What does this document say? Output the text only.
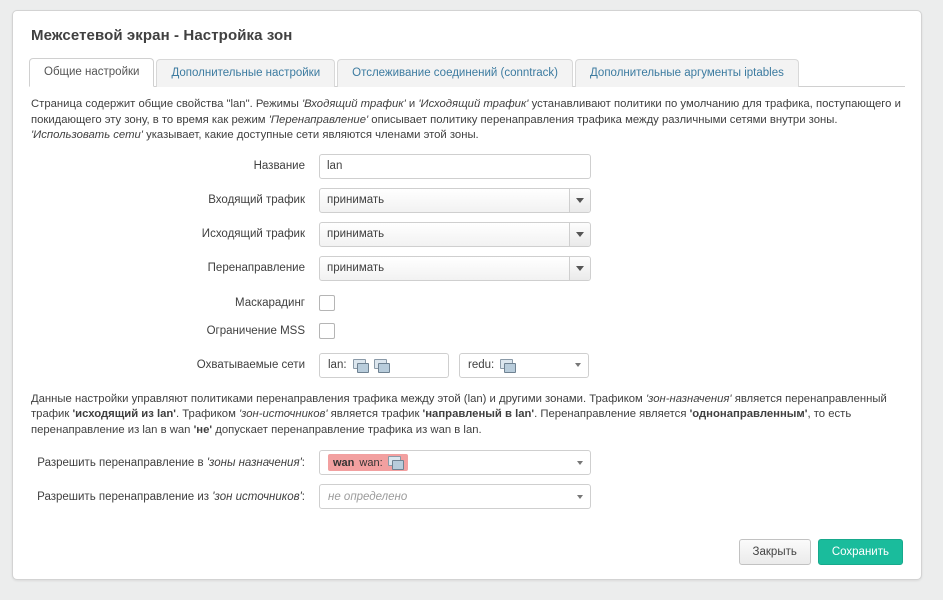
Межсетевой экран - Настройка зон
Общие настройки	Дополнительные настройки	Отслеживание соединений (conntrack)	Дополнительные аргументы iptables
Страница содержит общие свойства "lan". Режимы 'Входящий трафик' и 'Исходящий трафик' устанавливают политики по умолчанию для трафика, поступающего и покидающего эту зону, в то время как режим 'Перенаправление' описывает политику перенаправления трафика между различными сетями внутри зоны. 'Использовать сети' указывает, какие доступные сети являются членами этой зоны.
Название
lan
Входящий трафик	принимать
Исходящий трафик	принимать
Перенаправление	принимать
Маскарадинг
Ограничение MSS
Охватываемые сети	lan:	redu:
Данные настройки управляют политиками перенаправления трафика между этой (lan) и другими зонами. Трафиком 'зон-назначения' является перенаправленный трафик 'исходящий из lan'. Трафиком 'зон-источников' является трафик 'направленый в lan'. Перенаправление является 'однонаправленным', то есть перенаправление из lan в wan 'не' допускает перенаправление трафика из wan в lan.
Разрешить перенаправление в 'зоны назначения':	wan wan:
Разрешить перенаправление из 'зон источников':	не определено
Закрыть	Сохранить
